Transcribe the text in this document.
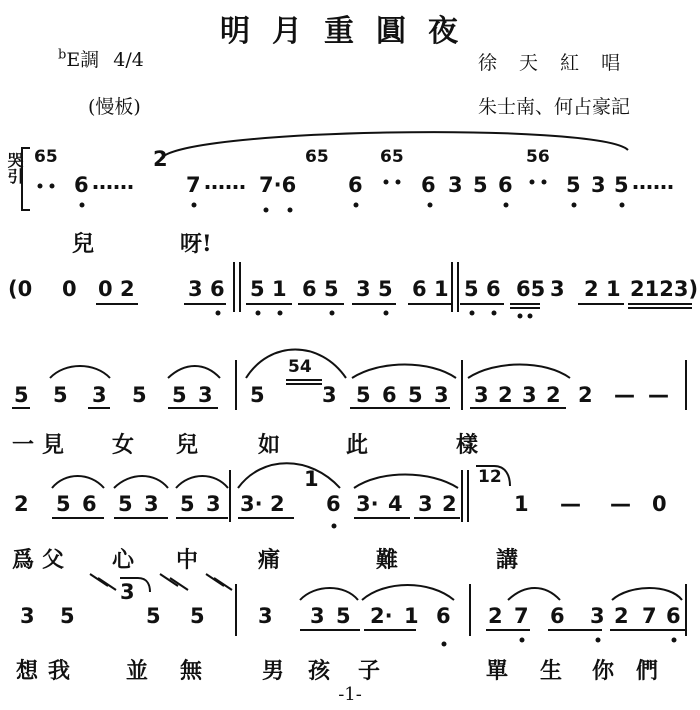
明月重圓夜
$^b$E調 4/4
(慢板)
徐 天 紅 唱
朱士南、何占豪記
哭引 65
6 ……
2
7 …… 7·6
65
6
65
6 3 5 6
56
5 3 5 ……
兒	呀!
(0 0 0 2	3 6 5 1 6 5 3 5 6 1 5 6 65 3 2 1 2123)
5 5 3 5 5 3 5
54
3 5 6 5 3 3 2 3 2 2 — —
一 見 女 兒	如	此	樣
2 5 6 5 3 5 3 3· 2
1
6 3· 4 3 2
12
1 — — 0
爲 父 心 中	痛	難	講
3 5
3
5 5	3 3 5 2· 1 6 2 7 6 3 2 7 6
想 我	並 無	男 孩 子	單 生 你 們
-1-
